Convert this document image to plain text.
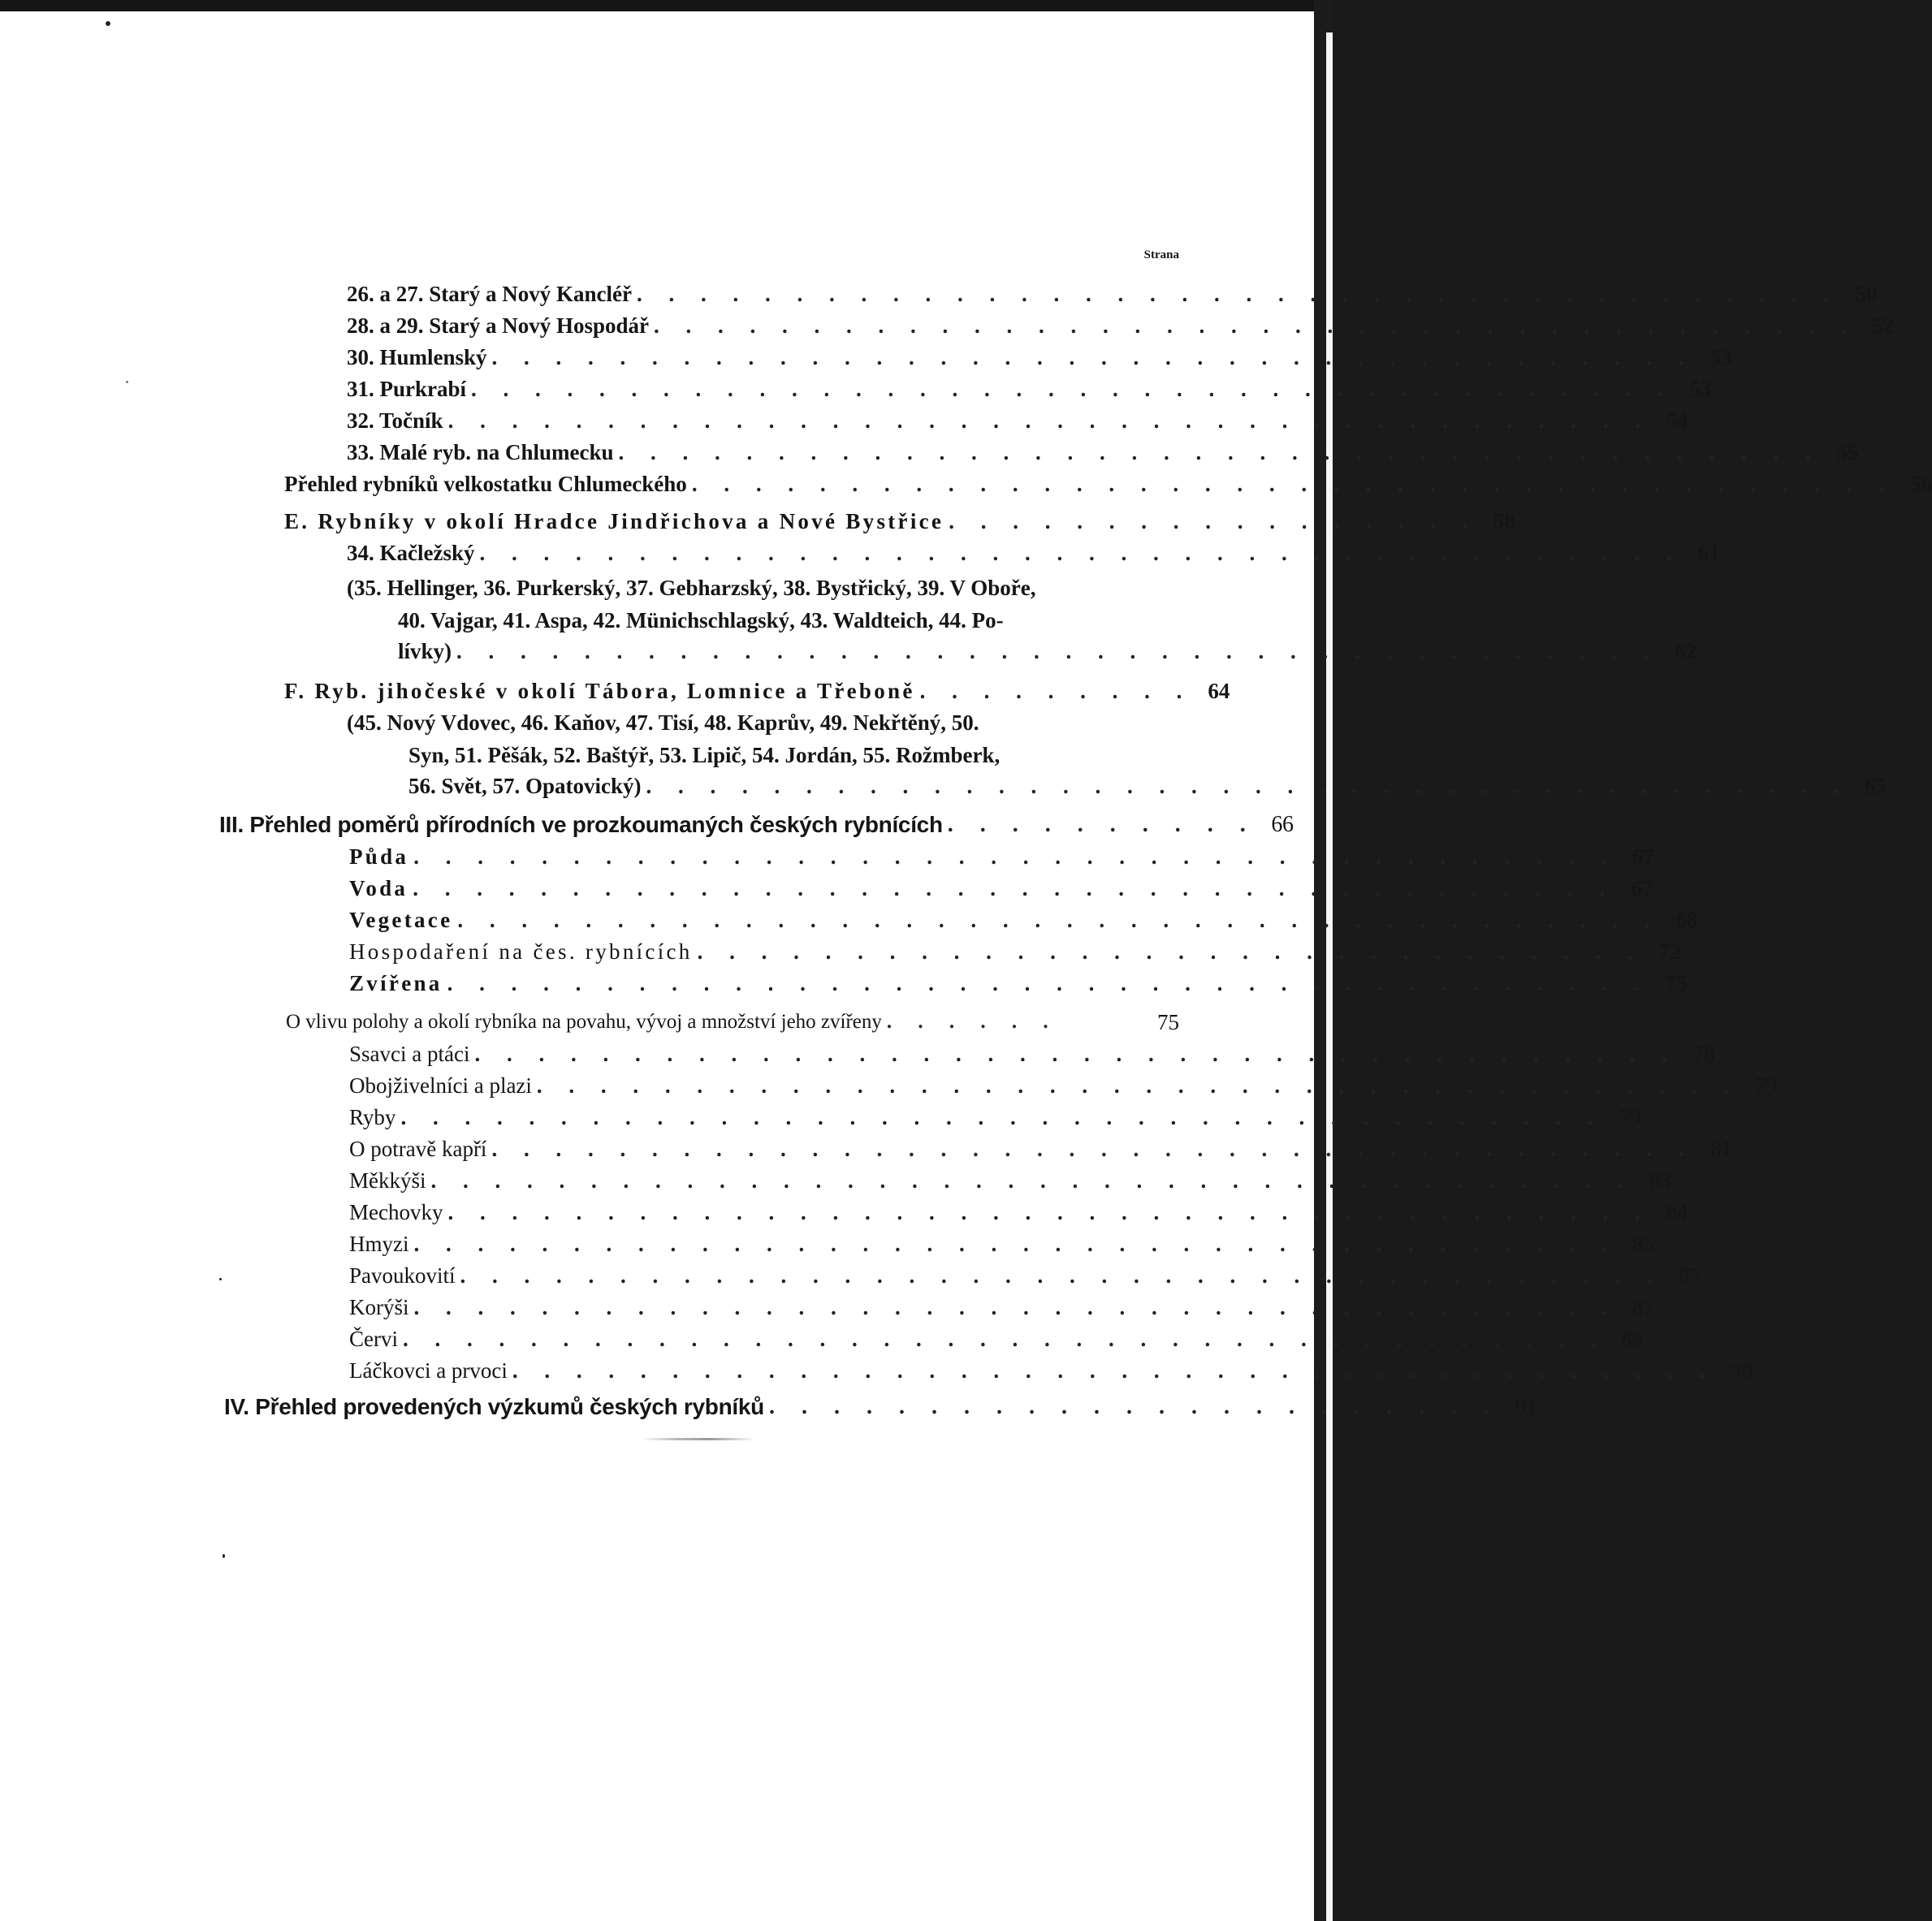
Strana
26. a 27. Starý a Nový Kancléř . . . . . . . . . . . . . . . . . . . . . . . . . . . . . . . . . . . . . . 50
28. a 29. Starý a Nový Hospodář . . . . . . . . . . . . . . . . . . . . . . . . . . . . . . . . . . . . . . 52
30. Humlenský . . . . . . . . . . . . . . . . . . . . . . . . . . . . . . . . . . . . . . 53
31. Purkrabí . . . . . . . . . . . . . . . . . . . . . . . . . . . . . . . . . . . . . . 53
32. Točník . . . . . . . . . . . . . . . . . . . . . . . . . . . . . . . . . . . . . . 54
33. Malé ryb. na Chlumecku . . . . . . . . . . . . . . . . . . . . . . . . . . . . . . . . . . . . . . 55
Přehled rybníků velkostatku Chlumeckého . . . . . . . . . . . . . . . . . . . . . . . . . . . . . . . . . . . . . . 56
E. Rybníky v okolí Hradce Jindřichova a Nové Bystřice . . . . . . . . . . . . . . . . . 58
34. Kačležský . . . . . . . . . . . . . . . . . . . . . . . . . . . . . . . . . . . . . . 61
(35. Hellinger, 36. Purkerský, 37. Gebharzský, 38. Bystřický, 39. V Oboře,
40. Vajgar, 41. Aspa, 42. Münichschlagský, 43. Waldteich, 44. Po-
lívky) . . . . . . . . . . . . . . . . . . . . . . . . . . . . . . . . . . . . . . 62
F. Ryb. jihočeské v okolí Tábora, Lomnice a Třeboně . . . . . . . . . 64
(45. Nový Vdovec, 46. Kaňov, 47. Tisí, 48. Kaprův, 49. Nekřtěný, 50.
Syn, 51. Pěšák, 52. Baštýř, 53. Lipič, 54. Jordán, 55. Rožmberk,
56. Svět, 57. Opatovický) . . . . . . . . . . . . . . . . . . . . . . . . . . . . . . . . . . . . . . 65
III. Přehled poměrů přírodních ve prozkoumaných českých rybnících . . . . . . . . . . 66
Půda . . . . . . . . . . . . . . . . . . . . . . . . . . . . . . . . . . . . . . 67
Voda . . . . . . . . . . . . . . . . . . . . . . . . . . . . . . . . . . . . . . 67
Vegetace . . . . . . . . . . . . . . . . . . . . . . . . . . . . . . . . . . . . . . 68
Hospodaření na čes. rybnících . . . . . . . . . . . . . . . . . . . . . . . . . . . . . . 72
Zvířena . . . . . . . . . . . . . . . . . . . . . . . . . . . . . . . . . . . . . . 75
O vlivu polohy a okolí rybníka na povahu, vývoj a množství jeho zvířeny . . . . . .	75
Ssavci a ptáci . . . . . . . . . . . . . . . . . . . . . . . . . . . . . . . . . . . . . . 78
Obojživelníci a plazi . . . . . . . . . . . . . . . . . . . . . . . . . . . . . . . . . . . . . . 79
Ryby . . . . . . . . . . . . . . . . . . . . . . . . . . . . . . . . . . . . . . 79
O potravě kapří . . . . . . . . . . . . . . . . . . . . . . . . . . . . . . . . . . . . . . 81
Měkkýši . . . . . . . . . . . . . . . . . . . . . . . . . . . . . . . . . . . . . . 83
Mechovky . . . . . . . . . . . . . . . . . . . . . . . . . . . . . . . . . . . . . . 84
Hmyzi . . . . . . . . . . . . . . . . . . . . . . . . . . . . . . . . . . . . . . 85
Pavoukovití . . . . . . . . . . . . . . . . . . . . . . . . . . . . . . . . . . . . . . 85
Korýši . . . . . . . . . . . . . . . . . . . . . . . . . . . . . . . . . . . . . . 87
Červi . . . . . . . . . . . . . . . . . . . . . . . . . . . . . . . . . . . . . . 89
Láčkovci a prvoci . . . . . . . . . . . . . . . . . . . . . . . . . . . . . . . . . . . . . . 90
IV. Přehled provedených výzkumů českých rybníků . . . . . . . . . . . . . . . . . . . . . . . 91
